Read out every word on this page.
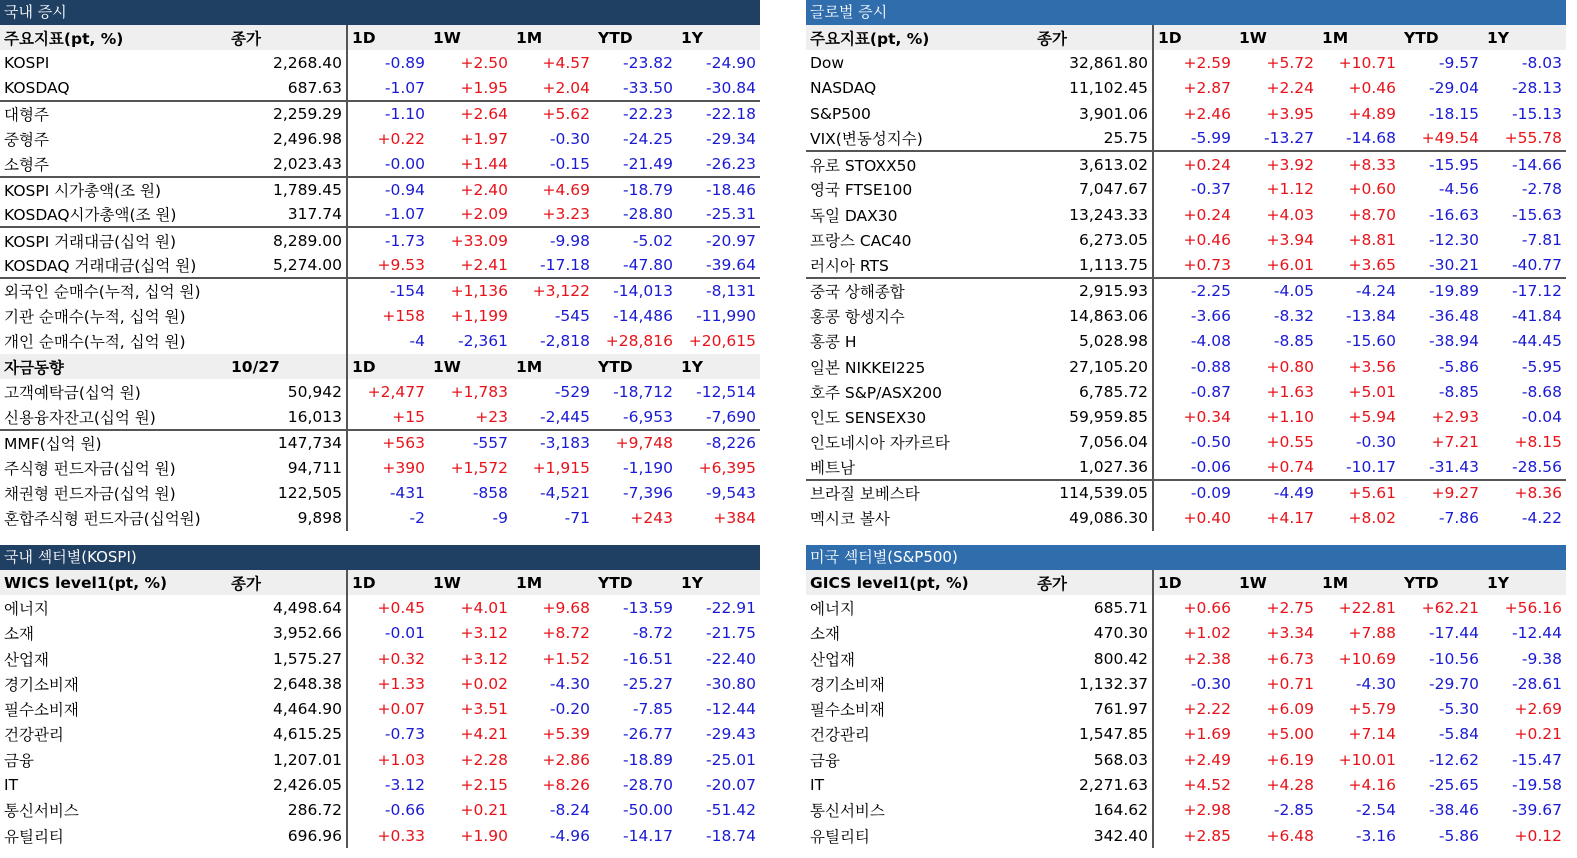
국내 증시
주요지표(pt, %)	종가	1D	1W	1M	YTD	1Y
KOSPI	2,268.40	-0.89	+2.50	+4.57	-23.82	-24.90
KOSDAQ	687.63	-1.07	+1.95	+2.04	-33.50	-30.84
대형주	2,259.29	-1.10	+2.64	+5.62	-22.23	-22.18
중형주	2,496.98	+0.22	+1.97	-0.30	-24.25	-29.34
소형주	2,023.43	-0.00	+1.44	-0.15	-21.49	-26.23
KOSPI 시가총액(조 원)	1,789.45	-0.94	+2.40	+4.69	-18.79	-18.46
KOSDAQ시가총액(조 원)	317.74	-1.07	+2.09	+3.23	-28.80	-25.31
KOSPI 거래대금(십억 원)	8,289.00	-1.73	+33.09	-9.98	-5.02	-20.97
KOSDAQ 거래대금(십억 원)	5,274.00	+9.53	+2.41	-17.18	-47.80	-39.64
외국인 순매수(누적, 십억 원)		-154	+1,136	+3,122	-14,013	-8,131
기관 순매수(누적, 십억 원)		+158	+1,199	-545	-14,486	-11,990
개인 순매수(누적, 십억 원)		-4	-2,361	-2,818	+28,816	+20,615
자금동향	10/27	1D	1W	1M	YTD	1Y
고객예탁금(십억 원)	50,942	+2,477	+1,783	-529	-18,712	-12,514
신용융자잔고(십억 원)	16,013	+15	+23	-2,445	-6,953	-7,690
MMF(십억 원)	147,734	+563	-557	-3,183	+9,748	-8,226
주식형 펀드자금(십억 원)	94,711	+390	+1,572	+1,915	-1,190	+6,395
채권형 펀드자금(십억 원)	122,505	-431	-858	-4,521	-7,396	-9,543
혼합주식형 펀드자금(십억원)	9,898	-2	-9	-71	+243	+384
글로벌 증시
주요지표(pt, %)	종가	1D	1W	1M	YTD	1Y
Dow	32,861.80	+2.59	+5.72	+10.71	-9.57	-8.03
NASDAQ	11,102.45	+2.87	+2.24	+0.46	-29.04	-28.13
S&P500	3,901.06	+2.46	+3.95	+4.89	-18.15	-15.13
VIX(변동성지수)	25.75	-5.99	-13.27	-14.68	+49.54	+55.78
유로 STOXX50	3,613.02	+0.24	+3.92	+8.33	-15.95	-14.66
영국 FTSE100	7,047.67	-0.37	+1.12	+0.60	-4.56	-2.78
독일 DAX30	13,243.33	+0.24	+4.03	+8.70	-16.63	-15.63
프랑스 CAC40	6,273.05	+0.46	+3.94	+8.81	-12.30	-7.81
러시아 RTS	1,113.75	+0.73	+6.01	+3.65	-30.21	-40.77
중국 상해종합	2,915.93	-2.25	-4.05	-4.24	-19.89	-17.12
홍콩 항셍지수	14,863.06	-3.66	-8.32	-13.84	-36.48	-41.84
홍콩 H	5,028.98	-4.08	-8.85	-15.60	-38.94	-44.45
일본 NIKKEI225	27,105.20	-0.88	+0.80	+3.56	-5.86	-5.95
호주 S&P/ASX200	6,785.72	-0.87	+1.63	+5.01	-8.85	-8.68
인도 SENSEX30	59,959.85	+0.34	+1.10	+5.94	+2.93	-0.04
인도네시아 자카르타	7,056.04	-0.50	+0.55	-0.30	+7.21	+8.15
베트남	1,027.36	-0.06	+0.74	-10.17	-31.43	-28.56
브라질 보베스타	114,539.05	-0.09	-4.49	+5.61	+9.27	+8.36
멕시코 볼사	49,086.30	+0.40	+4.17	+8.02	-7.86	-4.22
국내 섹터별(KOSPI)
WICS level1(pt, %)	종가	1D	1W	1M	YTD	1Y
에너지	4,498.64	+0.45	+4.01	+9.68	-13.59	-22.91
소재	3,952.66	-0.01	+3.12	+8.72	-8.72	-21.75
산업재	1,575.27	+0.32	+3.12	+1.52	-16.51	-22.40
경기소비재	2,648.38	+1.33	+0.02	-4.30	-25.27	-30.80
필수소비재	4,464.90	+0.07	+3.51	-0.20	-7.85	-12.44
건강관리	4,615.25	-0.73	+4.21	+5.39	-26.77	-29.43
금융	1,207.01	+1.03	+2.28	+2.86	-18.89	-25.01
IT	2,426.05	-3.12	+2.15	+8.26	-28.70	-20.07
통신서비스	286.72	-0.66	+0.21	-8.24	-50.00	-51.42
유틸리티	696.96	+0.33	+1.90	-4.96	-14.17	-18.74
미국 섹터별(S&P500)
GICS level1(pt, %)	종가	1D	1W	1M	YTD	1Y
에너지	685.71	+0.66	+2.75	+22.81	+62.21	+56.16
소재	470.30	+1.02	+3.34	+7.88	-17.44	-12.44
산업재	800.42	+2.38	+6.73	+10.69	-10.56	-9.38
경기소비재	1,132.37	-0.30	+0.71	-4.30	-29.70	-28.61
필수소비재	761.97	+2.22	+6.09	+5.79	-5.30	+2.69
건강관리	1,547.85	+1.69	+5.00	+7.14	-5.84	+0.21
금융	568.03	+2.49	+6.19	+10.01	-12.62	-15.47
IT	2,271.63	+4.52	+4.28	+4.16	-25.65	-19.58
통신서비스	164.62	+2.98	-2.85	-2.54	-38.46	-39.67
유틸리티	342.40	+2.85	+6.48	-3.16	-5.86	+0.12
